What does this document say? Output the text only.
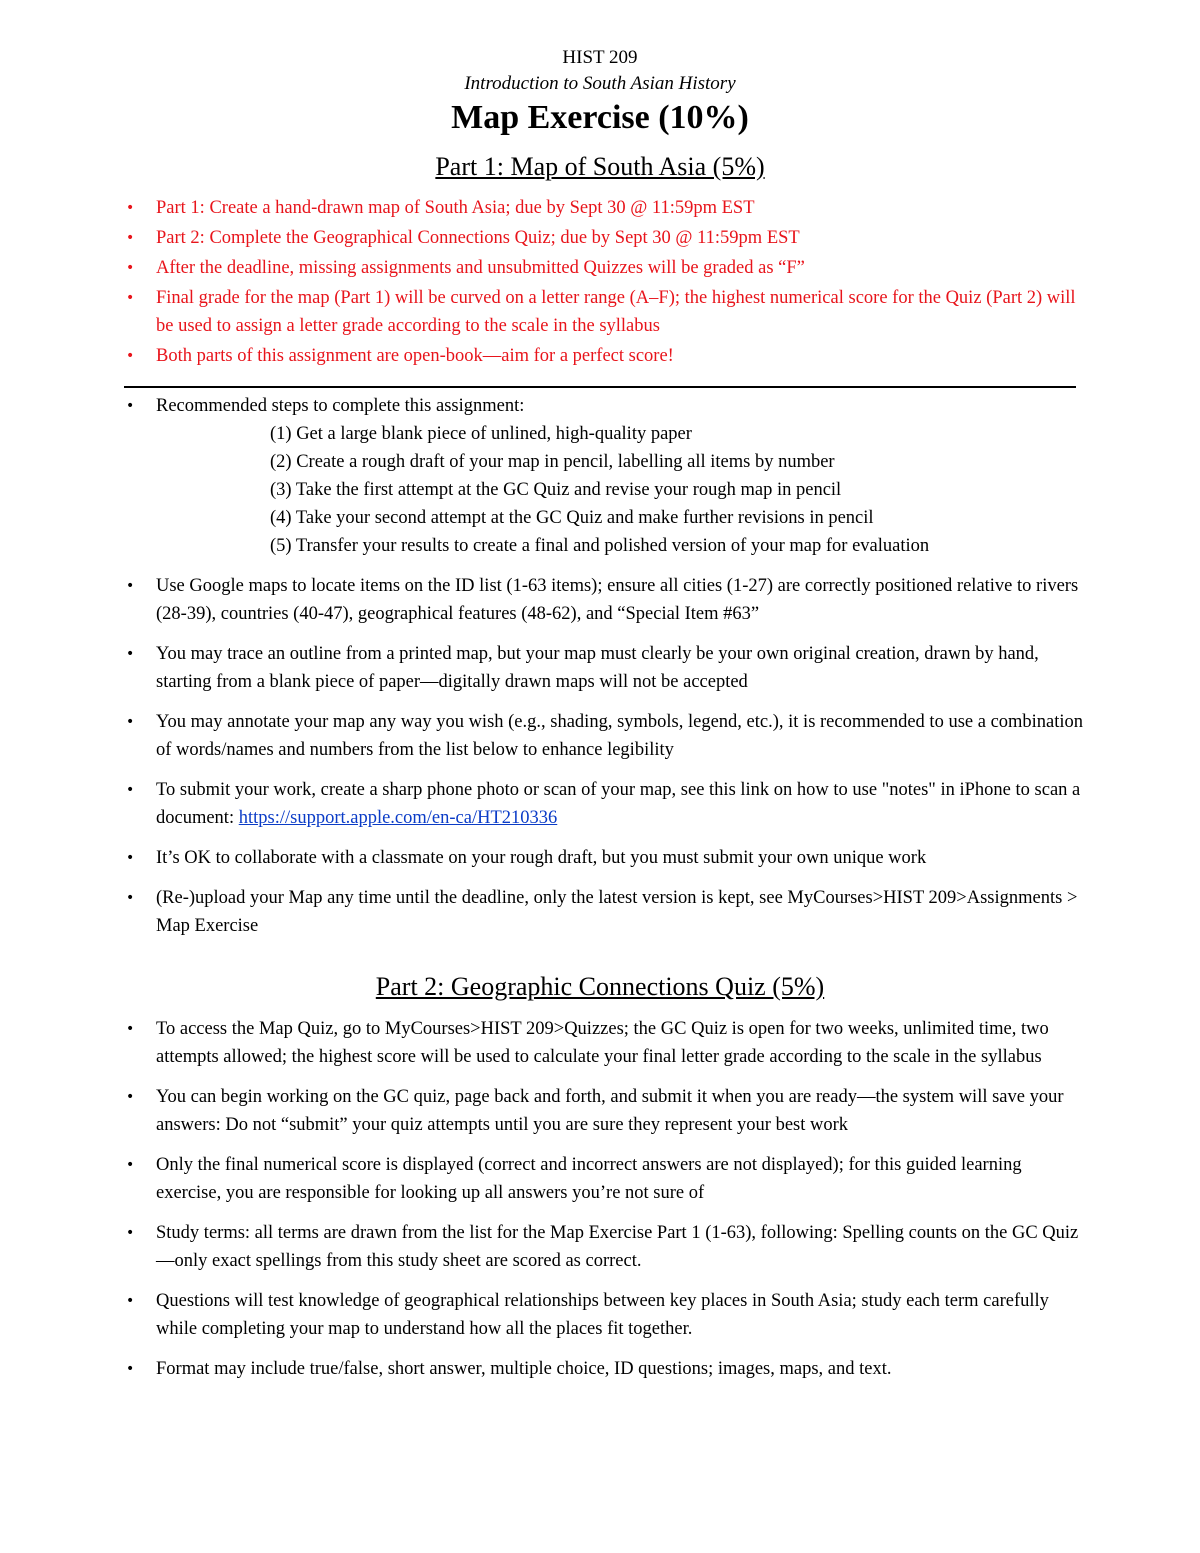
HIST 209

Introduction to South Asian History

Map Exercise (10%)
Part 1: Map of South Asia (5%)
• Part 1: Create a hand-drawn map of South Asia; due by Sept 30 @ 11:59pm EST
• Part 2: Complete the Geographical Connections Quiz; due by Sept 30 @ 11:59pm EST
• After the deadline, missing assignments and unsubmitted Quizzes will be graded as “F”
• Final grade for the map (Part 1) will be curved on a letter range (A–F); the highest numerical score for the Quiz (Part 2) will be used to assign a letter grade according to the scale in the syllabus
• Both parts of this assignment are open-book—aim for a perfect score!
• Recommended steps to complete this assignment:
(1) Get a large blank piece of unlined, high-quality paper
(2) Create a rough draft of your map in pencil, labelling all items by number
(3) Take the first attempt at the GC Quiz and revise your rough map in pencil
(4) Take your second attempt at the GC Quiz and make further revisions in pencil
(5) Transfer your results to create a final and polished version of your map for evaluation
• Use Google maps to locate items on the ID list (1-63 items); ensure all cities (1-27) are correctly positioned relative to rivers (28-39), countries (40-47), geographical features (48-62), and “Special Item #63”
• You may trace an outline from a printed map, but your map must clearly be your own original creation, drawn by hand, starting from a blank piece of paper—digitally drawn maps will not be accepted
• You may annotate your map any way you wish (e.g., shading, symbols, legend, etc.), it is recommended to use a combination of words/names and numbers from the list below to enhance legibility
• To submit your work, create a sharp phone photo or scan of your map, see this link on how to use "notes" in iPhone to scan a document: https://support.apple.com/en-ca/HT210336
• It’s OK to collaborate with a classmate on your rough draft, but you must submit your own unique work
• (Re-)upload your Map any time until the deadline, only the latest version is kept, see MyCourses>HIST 209>Assignments > Map Exercise
Part 2: Geographic Connections Quiz (5%)
• To access the Map Quiz, go to MyCourses>HIST 209>Quizzes; the GC Quiz is open for two weeks, unlimited time, two attempts allowed; the highest score will be used to calculate your final letter grade according to the scale in the syllabus
• You can begin working on the GC quiz, page back and forth, and submit it when you are ready—the system will save your answers: Do not “submit” your quiz attempts until you are sure they represent your best work
• Only the final numerical score is displayed (correct and incorrect answers are not displayed); for this guided learning exercise, you are responsible for looking up all answers you’re not sure of
• Study terms: all terms are drawn from the list for the Map Exercise Part 1 (1-63), following: Spelling counts on the GC Quiz—only exact spellings from this study sheet are scored as correct.
• Questions will test knowledge of geographical relationships between key places in South Asia; study each term carefully while completing your map to understand how all the places fit together.
• Format may include true/false, short answer, multiple choice, ID questions; images, maps, and text.
